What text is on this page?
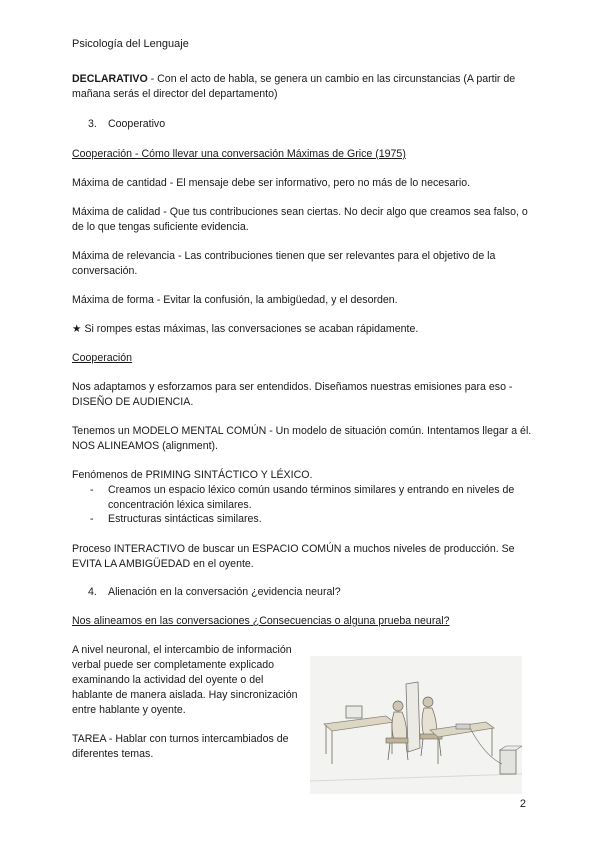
Psicología del Lenguaje

DECLARATIVO - Con el acto de habla, se genera un cambio en las circunstancias (A partir de mañana serás el director del departamento)

3. Cooperativo

Cooperación - Cómo llevar una conversación Máximas de Grice (1975)

Máxima de cantidad - El mensaje debe ser informativo, pero no más de lo necesario.

Máxima de calidad - Que tus contribuciones sean ciertas. No decir algo que creamos sea falso, o de lo que tengas suficiente evidencia.

Máxima de relevancia - Las contribuciones tienen que ser relevantes para el objetivo de la conversación.

Máxima de forma - Evitar la confusión, la ambigüedad, y el desorden.

★ Si rompes estas máximas, las conversaciones se acaban rápidamente.

Cooperación

Nos adaptamos y esforzamos para ser entendidos. Diseñamos nuestras emisiones para eso - DISEÑO DE AUDIENCIA.

Tenemos un MODELO MENTAL COMÚN - Un modelo de situación común. Intentamos llegar a él. NOS ALINEAMOS (alignment).

Fenómenos de PRIMING SINTÁCTICO Y LÉXICO.

- Creamos un espacio léxico común usando términos similares y entrando en niveles de concentración léxica similares.
- Estructuras sintácticas similares.

Proceso INTERACTIVO de buscar un ESPACIO COMÚN a muchos niveles de producción. Se EVITA LA AMBIGÜEDAD en el oyente.

4. Alienación en la conversación ¿evidencia neural?

Nos alineamos en las conversaciones ¿Consecuencias o alguna prueba neural?

A nivel neuronal, el intercambio de información verbal puede ser completamente explicado examinando la actividad del oyente o del hablante de manera aislada. Hay sincronización entre hablante y oyente.

TAREA - Hablar con turnos intercambiados de diferentes temas.

2
